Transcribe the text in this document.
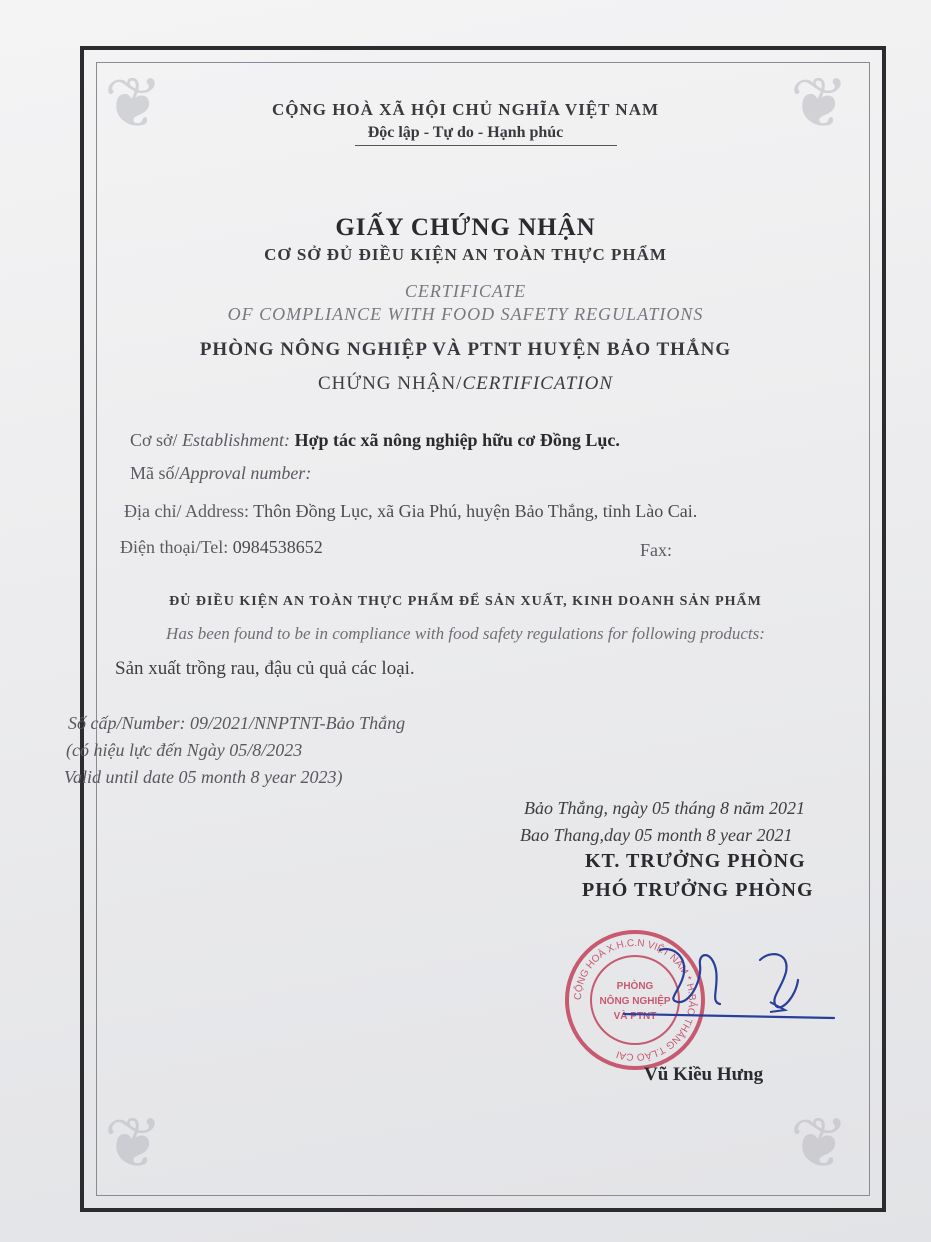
❦	❦
❦	❦
CỘNG HOÀ XÃ HỘI CHỦ NGHĨA VIỆT NAM
Độc lập - Tự do - Hạnh phúc
GIẤY CHỨNG NHẬN
CƠ SỞ ĐỦ ĐIỀU KIỆN AN TOÀN THỰC PHẨM
CERTIFICATE
OF COMPLIANCE WITH FOOD SAFETY REGULATIONS
PHÒNG NÔNG NGHIỆP VÀ PTNT HUYỆN BẢO THẮNG
CHỨNG NHẬN/CERTIFICATION
Cơ sở/ Establishment: Hợp tác xã nông nghiệp hữu cơ Đồng Lục.
Mã số/Approval number:
Địa chỉ/ Address: Thôn Đồng Lục, xã Gia Phú, huyện Bảo Thắng, tỉnh Lào Cai.
Điện thoại/Tel: 0984538652	Fax:
ĐỦ ĐIỀU KIỆN AN TOÀN THỰC PHẨM ĐỂ SẢN XUẤT, KINH DOANH SẢN PHẨM
Has been found to be in compliance with food safety regulations for following products:
Sản xuất trồng rau, đậu củ quả các loại.
Số cấp/Number: 09/2021/NNPTNT-Bảo Thắng
(có hiệu lực đến Ngày 05/8/2023
Valid until date 05 month 8 year 2023)
Bảo Thắng, ngày 05 tháng 8 năm 2021
Bao Thang,day 05 month 8 year 2021
KT. TRƯỞNG PHÒNG
PHÓ TRƯỞNG PHÒNG
CỘNG HOÀ X.H.C.N VIỆT NAM * H.BẢO THẮNG T.LÀO CAI
PHÒNG
NÔNG NGHIỆP
VÀ PTNT
Vũ Kiều Hưng
